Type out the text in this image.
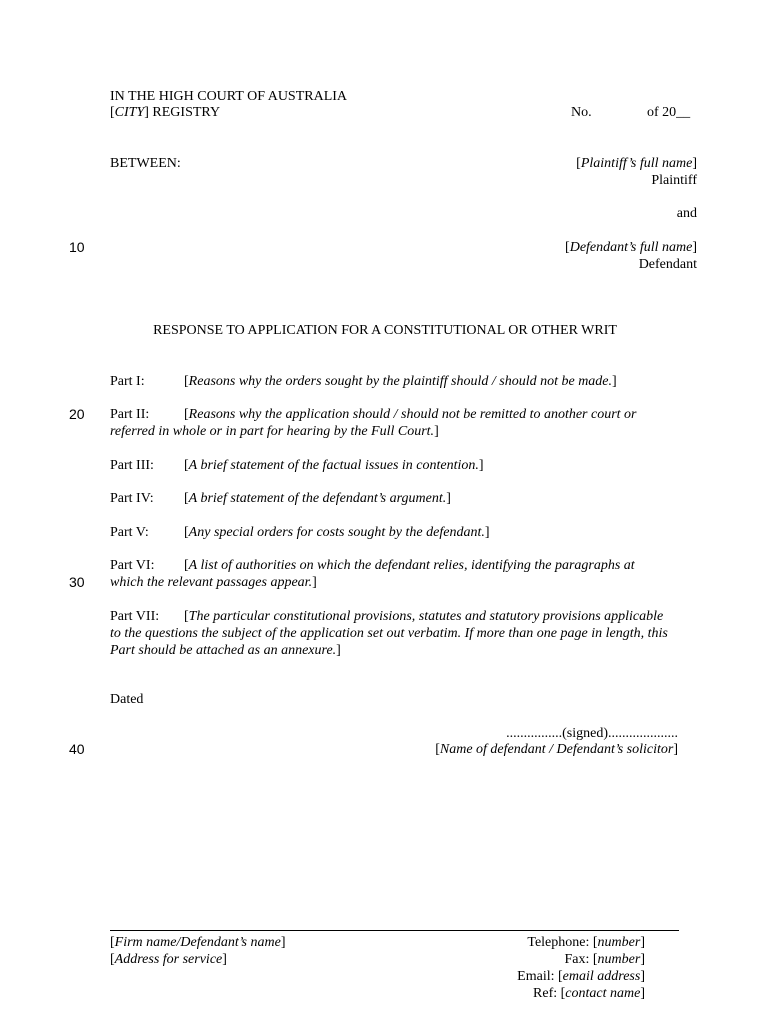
IN THE HIGH COURT OF AUSTRALIA
[CITY] REGISTRY	No.	of 20__
BETWEEN:	[Plaintiff’s full name]
Plaintiff
and
[Defendant’s full name]
Defendant
10
20
30
40
RESPONSE TO APPLICATION FOR A CONSTITUTIONAL OR OTHER WRIT
Part I:	[Reasons why the orders sought by the plaintiff should / should not be made.]
Part II: [Reasons why the application should / should not be remitted to another court or referred in whole or in part for hearing by the Full Court.]
Part III: [A brief statement of the factual issues in contention.]
Part IV: [A brief statement of the defendant’s argument.]
Part V:	[Any special orders for costs sought by the defendant.]
Part VI: [A list of authorities on which the defendant relies, identifying the paragraphs at which the relevant passages appear.]
Part VII: [The particular constitutional provisions, statutes and statutory provisions applicable to the questions the subject of the application set out verbatim. If more than one page in length, this Part should be attached as an annexure.]
Dated
................(signed)....................
[Name of defendant / Defendant’s solicitor]
[Firm name/Defendant’s name]
[Address for service]
Telephone: [number]
Fax: [number]
Email: [email address]
Ref: [contact name]
